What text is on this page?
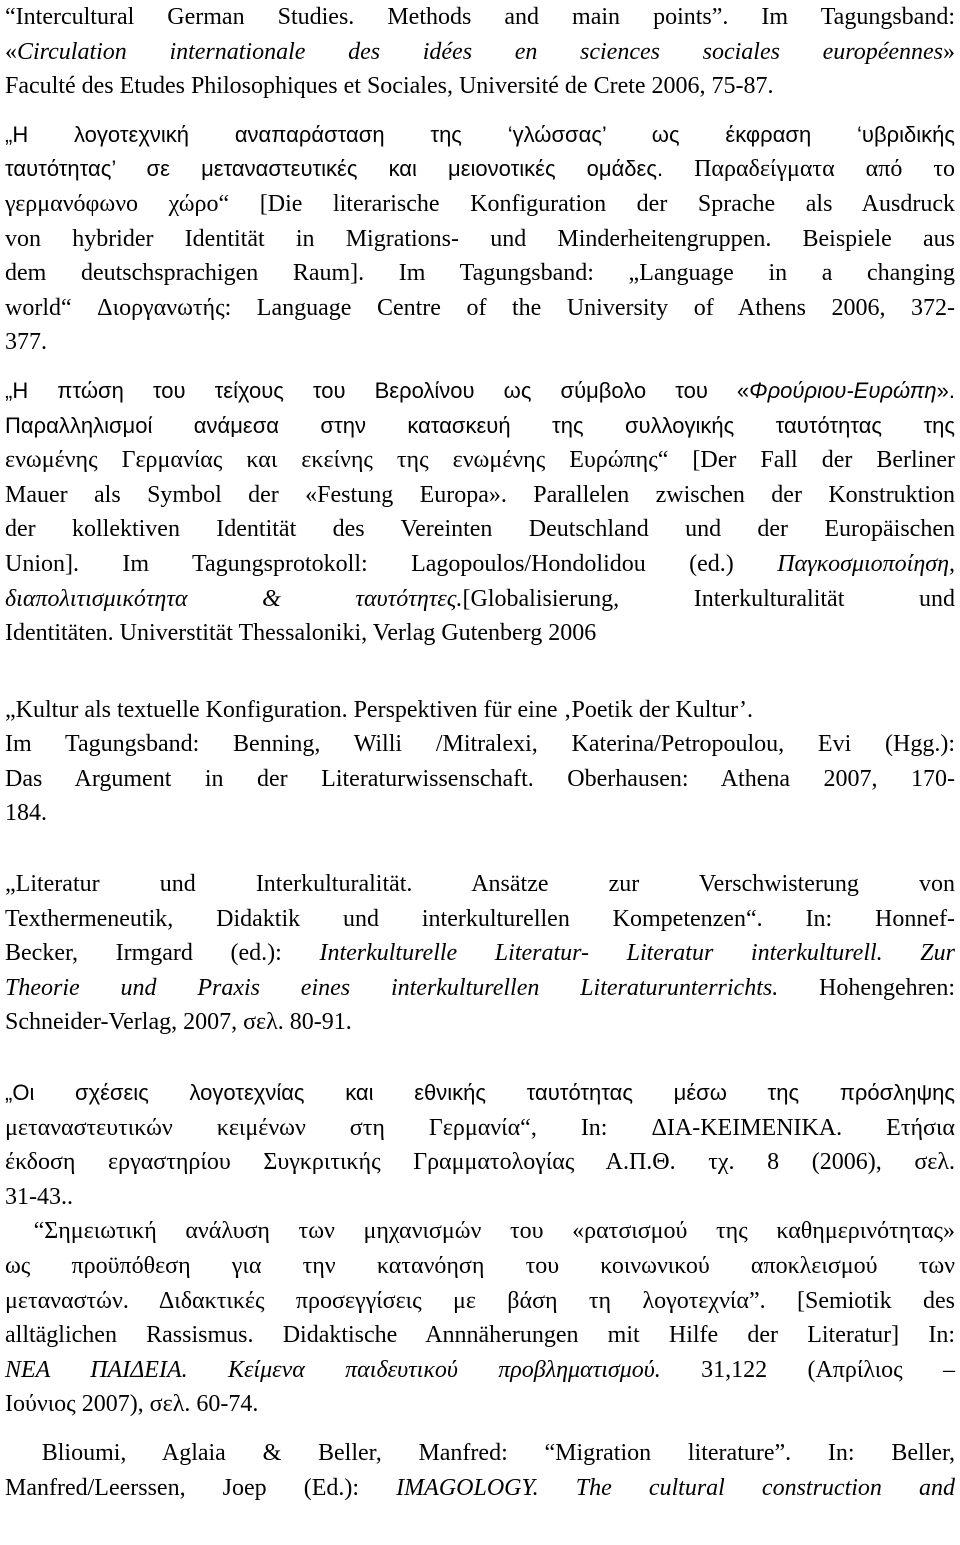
“Intercultural German Studies. Methods and main points”. Im Tagungsband:
«Circulation internationale des idées en sciences sociales européennes»
Faculté des Etudes Philosophiques et Sociales, Université de Crete 2006, 75-87.
„H λογοτεχνική αναπαράσταση της ‘γλώσσας’ ως έκφραση ‘υβριδικής
ταυτότητας’ σε μεταναστευτικές και μειονοτικές ομάδες. Παραδείγματα από το
γερμανόφωνο χώρο“ [Die literarische Konfiguration der Sprache als Ausdruck
von hybrider Identität in Migrations- und Minderheitengruppen. Beispiele aus
dem deutschsprachigen Raum]. Im Tagungsband: „Language in a changing
world“ Διοργανωτής: Language Centre of the University of Athens 2006, 372-
377.
„H πτώση του τείχους του Βερολίνου ως σύμβολο του «Φρούριου-Ευρώπη».
Παραλληλισμοί ανάμεσα στην κατασκευή της συλλογικής ταυτότητας της
ενωμένης Γερμανίας και εκείνης της ενωμένης Ευρώπης“ [Der Fall der Berliner
Mauer als Symbol der «Festung Europa». Parallelen zwischen der Konstruktion
der kollektiven Identität des Vereinten Deutschland und der Europäischen
Union]. Im Tagungsprotokoll: Lagopoulos/Hondolidou (ed.) Παγκοσμιοποίηση,
διαπολιτισμικότητα & ταυτότητες.[Globalisierung, Interkulturalität und
Identitäten. Universtität Thessaloniki, Verlag Gutenberg 2006
„Kultur als textuelle Konfiguration. Perspektiven für eine ‚Poetik der Kultur’.
Im Tagungsband: Benning, Willi /Mitralexi, Katerina/Petropoulou, Evi (Hgg.):
Das Argument in der Literaturwissenschaft. Oberhausen: Athena 2007, 170-
184.
„Literatur und Interkulturalität. Ansätze zur Verschwisterung von
Texthermeneutik, Didaktik und interkulturellen Kompetenzen“. In: Honnef-
Becker, Irmgard (ed.): Interkulturelle Literatur- Literatur interkulturell. Zur
Theorie und Praxis eines interkulturellen Literaturunterrichts. Hohengehren:
Schneider-Verlag, 2007, σελ. 80-91.
„Οι σχέσεις λογοτεχνίας και εθνικής ταυτότητας μέσω της πρόσληψης
μεταναστευτικών κειμένων στη Γερμανία“, In: ΔΙΑ-ΚΕΙΜΕΝΙΚΑ. Ετήσια
έκδοση εργαστηρίου Συγκριτικής Γραμματολογίας Α.Π.Θ. τχ. 8 (2006), σελ.
31-43..
“Σημειωτική ανάλυση των μηχανισμών του «ρατσισμού της καθημερινότητας»
ως προϋπόθεση για την κατανόηση του κοινωνικού αποκλεισμού των
μεταναστών. Διδακτικές προσεγγίσεις με βάση τη λογοτεχνία”. [Semiotik des
alltäglichen Rassismus. Didaktische Annnäherungen mit Hilfe der Literatur] In:
ΝΕΑ ΠΑΙΔΕΙΑ. Κείμενα παιδευτικού προβληματισμού. 31,122 (Απρίλιος –
Ιούνιος 2007), σελ. 60-74.
Blioumi, Aglaia & Beller, Manfred: “Migration literature”. In: Beller,
Manfred/Leerssen, Joep (Ed.): IMAGOLOGY. The cultural construction and
